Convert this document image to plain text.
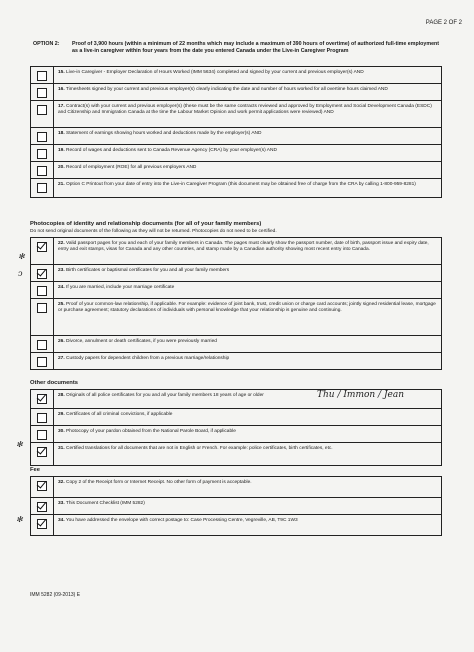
PAGE 2 OF 2
OPTION 2: Proof of 3,900 hours (within a minimum of 22 months which may include a maximum of 390 hours of overtime) of authorized full-time employment as a live-in caregiver within four years from the date you entered Canada under the Live-in Caregiver Program
15. Live-in Caregiver - Employer Declaration of Hours Worked (IMM 5634) completed and signed by your current and previous employer(s) AND
16. Timesheets signed by your current and previous employer(s) clearly indicating the date and number of hours worked for all overtime hours claimed AND
17. Contract(s) with your current and previous employer(s) (these must be the same contracts reviewed and approved by Employment and Social Development Canada (ESDC) and Citizenship and Immigration Canada at the time the Labour Market Opinion and work permit applications were reviewed) AND
18. Statement of earnings showing hours worked and deductions made by the employer(s) AND
19. Record of wages and deductions sent to Canada Revenue Agency (CRA) by your employer(s) AND
20. Record of employment (ROE) for all previous employers AND
21. Option C Printout from your date of entry into the Live-in Caregiver Program (this document may be obtained free of charge from the CRA by calling 1-800-959-8281)
Photocopies of identity and relationship documents (for all of your family members)
Do not send original documents of the following as they will not be returned. Photocopies do not need to be certified.
22. Valid passport pages for you and each of your family members in Canada. The pages must clearly show the passport number, date of birth, passport issue and expiry date, entry and exit stamps, visas for Canada and any other countries, and stamp made by a Canadian authority showing most recent entry into Canada.
23. Birth certificates or baptismal certificates for you and all your family members
24. If you are married, include your marriage certificate
25. Proof of your common-law relationship, if applicable. For example: evidence of joint bank, trust, credit union or charge card accounts; jointly signed residential lease, mortgage or purchase agreement; statutory declarations of individuals with personal knowledge that your relationship is genuine and continuing.
26. Divorce, annulment or death certificates, if you were previously married
27. Custody papers for dependent children from a previous marriage/relationship
Other documents
28. Originals of all police certificates for you and all your family members 18 years of age or older
29. Certificates of all criminal convictions, if applicable
30. Photocopy of your pardon obtained from the National Parole Board, if applicable
31. Certified translations for all documents that are not in English or French. For example: police certificates, birth certificates, etc.
Fee
32. Copy 2 of the Receipt form or Internet Receipt. No other form of payment is acceptable.
33. This Document Checklist (IMM 5282)
34. You have addressed the envelope with correct postage to: Case Processing Centre, Vegreville, AB, T9C 1W3
Thu / Immon / Jean
✻
ↄ
✻
✻
IMM 5282 (09-2013) E
